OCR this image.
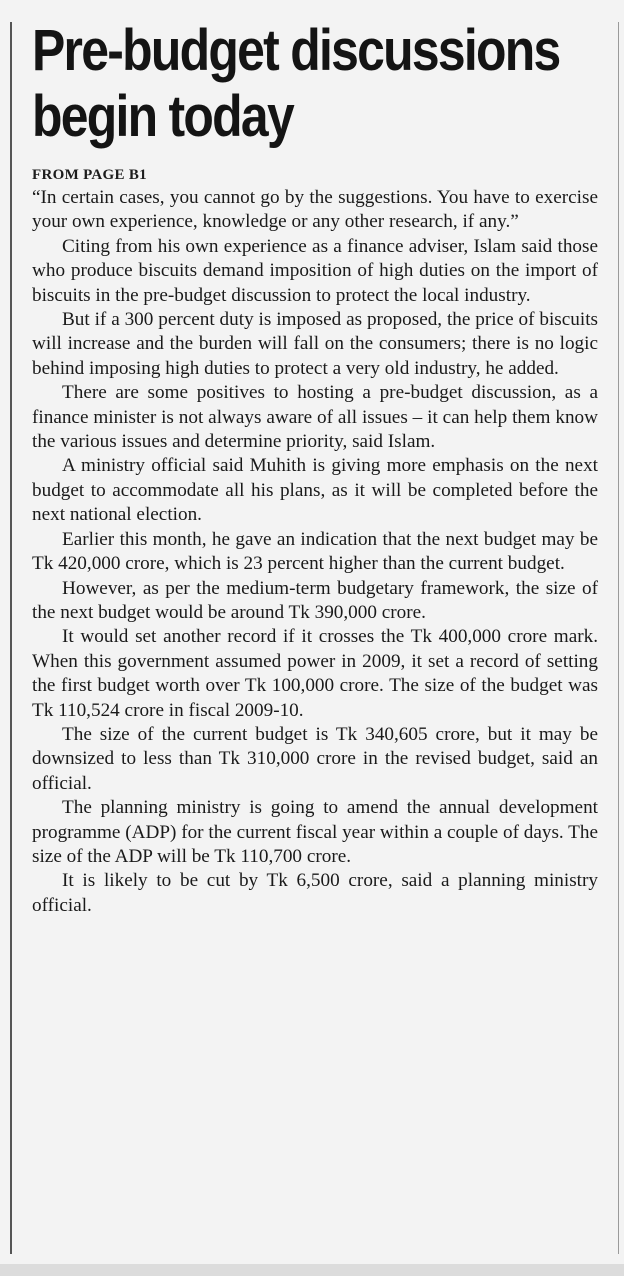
Pre-budget discussions begin today
FROM PAGE B1

“In certain cases, you cannot go by the suggestions. You have to exercise your own experience, knowledge or any other research, if any.”

Citing from his own experience as a finance adviser, Islam said those who produce biscuits demand imposition of high duties on the import of biscuits in the pre-budget discussion to protect the local industry.

But if a 300 percent duty is imposed as proposed, the price of biscuits will increase and the burden will fall on the consumers; there is no logic behind imposing high duties to protect a very old industry, he added.

There are some positives to hosting a pre-budget discussion, as a finance minister is not always aware of all issues – it can help them know the various issues and determine priority, said Islam.

A ministry official said Muhith is giving more emphasis on the next budget to accommodate all his plans, as it will be completed before the next national election.

Earlier this month, he gave an indication that the next budget may be Tk 420,000 crore, which is 23 percent higher than the current budget.

However, as per the medium-term budgetary framework, the size of the next budget would be around Tk 390,000 crore.

It would set another record if it crosses the Tk 400,000 crore mark. When this government assumed power in 2009, it set a record of setting the first budget worth over Tk 100,000 crore. The size of the budget was Tk 110,524 crore in fiscal 2009-10.

The size of the current budget is Tk 340,605 crore, but it may be downsized to less than Tk 310,000 crore in the revised budget, said an official.

The planning ministry is going to amend the annual development programme (ADP) for the current fiscal year within a couple of days. The size of the ADP will be Tk 110,700 crore.

It is likely to be cut by Tk 6,500 crore, said a planning ministry official.
